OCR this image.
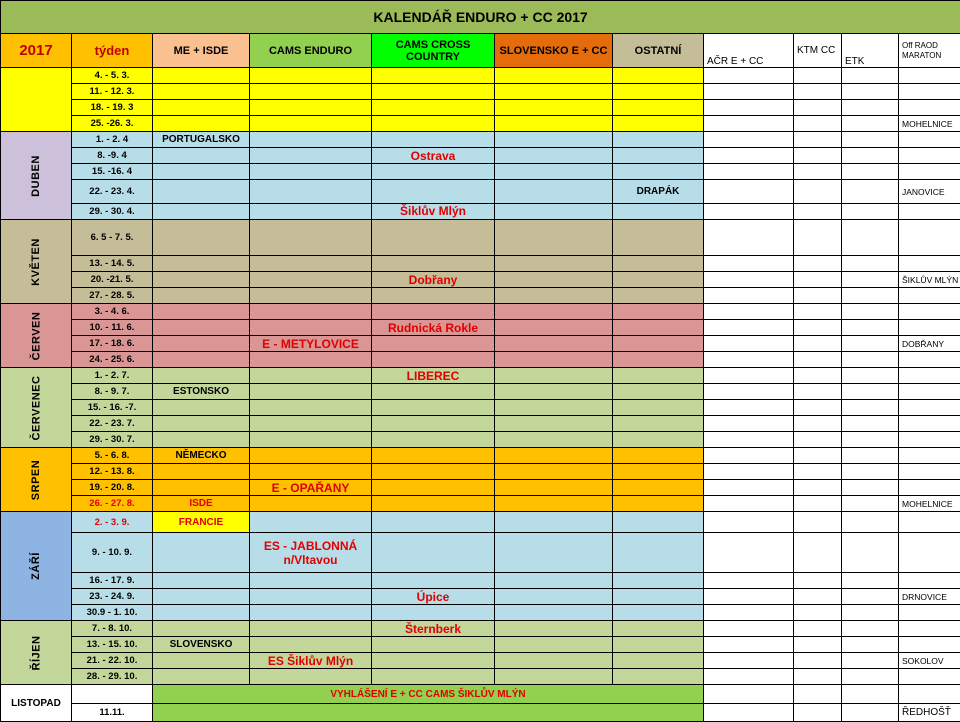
KALENDÁŘ ENDURO + CC 2017										
2017	týden	ME + ISDE	CAMS ENDURO	CAMS CROSS COUNTRY	SLOVENSKO E + CC	OSTATNÍ	AČR E + CC	KTM CC	ETK	Off RAOD MARATON
	4. - 5. 3.									
	11. - 12. 3.									
	18. - 19. 3									
	25. -26. 3.									MOHELNICE
DUBEN	1. - 2. 4	PORTUGALSKO								
	8. -9. 4			Ostrava						
	15. -16. 4									
	22. - 23. 4.					DRAPÁK				JANOVICE
	29. - 30. 4.			Šiklův Mlýn						
KVĚTEN	6. 5 - 7. 5.									
	13. - 14. 5.									
	20. -21. 5.			Dobřany						ŠIKLŮV MLÝN
	27. - 28. 5.									
ČERVEN	3. - 4. 6.									
	10. - 11. 6.			Rudnická Rokle						
	17. - 18. 6.		E - METYLOVICE							DOBŘANY
	24. - 25. 6.									
ČERVENEC	1. - 2. 7.			LIBEREC						
	8. - 9. 7.	ESTONSKO								
	15. - 16. -7.									
	22. - 23. 7.									
	29. - 30. 7.									
SRPEN	5. - 6. 8.	NĚMECKO								
	12. - 13. 8.									
	19. - 20. 8.		E - OPAŘANY							
	26. - 27. 8.	ISDE								MOHELNICE
ZÁŘÍ	2. - 3. 9.	FRANCIE								
	9. - 10. 9.		ES - JABLONNÁ n/Vltavou							
	16. - 17. 9.									
	23. - 24. 9.			Úpice						DRNOVICE
	30.9 - 1. 10.									
ŘÍJEN	7. - 8. 10.			Šternberk						
	13. - 15. 10.	SLOVENSKO								
	21. - 22. 10.		ES Šiklův Mlýn							SOKOLOV
	28. - 29. 10.									
LISTOPAD		VYHLÁŠENÍ E + CC CAMS ŠIKLŮV MLÝN								
	11.11.									ŘEDHOŠŤ
